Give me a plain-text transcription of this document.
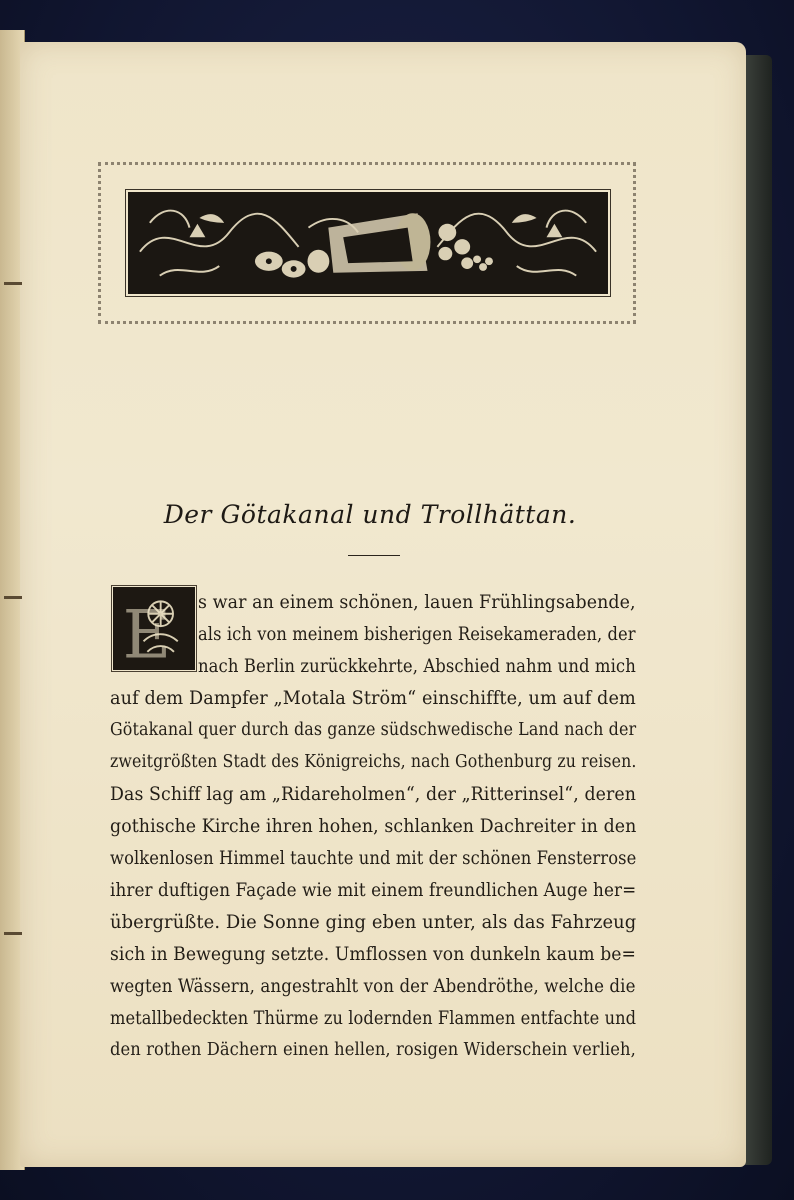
Der Götakanal und Trollhättan.
E s war an einem schönen, lauen Frühlingsabende,
als ich von meinem bisherigen Reisekameraden, der
nach Berlin zurückkehrte, Abschied nahm und mich
auf dem Dampfer „Motala Ström“ einschiffte, um auf dem
Götakanal quer durch das ganze südschwedische Land nach der
zweitgrößten Stadt des Königreichs, nach Gothenburg zu reisen.
Das Schiff lag am „Ridareholmen“, der „Ritterinsel“, deren
gothische Kirche ihren hohen, schlanken Dachreiter in den
wolkenlosen Himmel tauchte und mit der schönen Fensterrose
ihrer duftigen Façade wie mit einem freundlichen Auge her=
übergrüßte. Die Sonne ging eben unter, als das Fahrzeug
sich in Bewegung setzte. Umflossen von dunkeln kaum be=
wegten Wässern, angestrahlt von der Abendröthe, welche die
metallbedeckten Thürme zu lodernden Flammen entfachte und
den rothen Dächern einen hellen, rosigen Widerschein verlieh,
